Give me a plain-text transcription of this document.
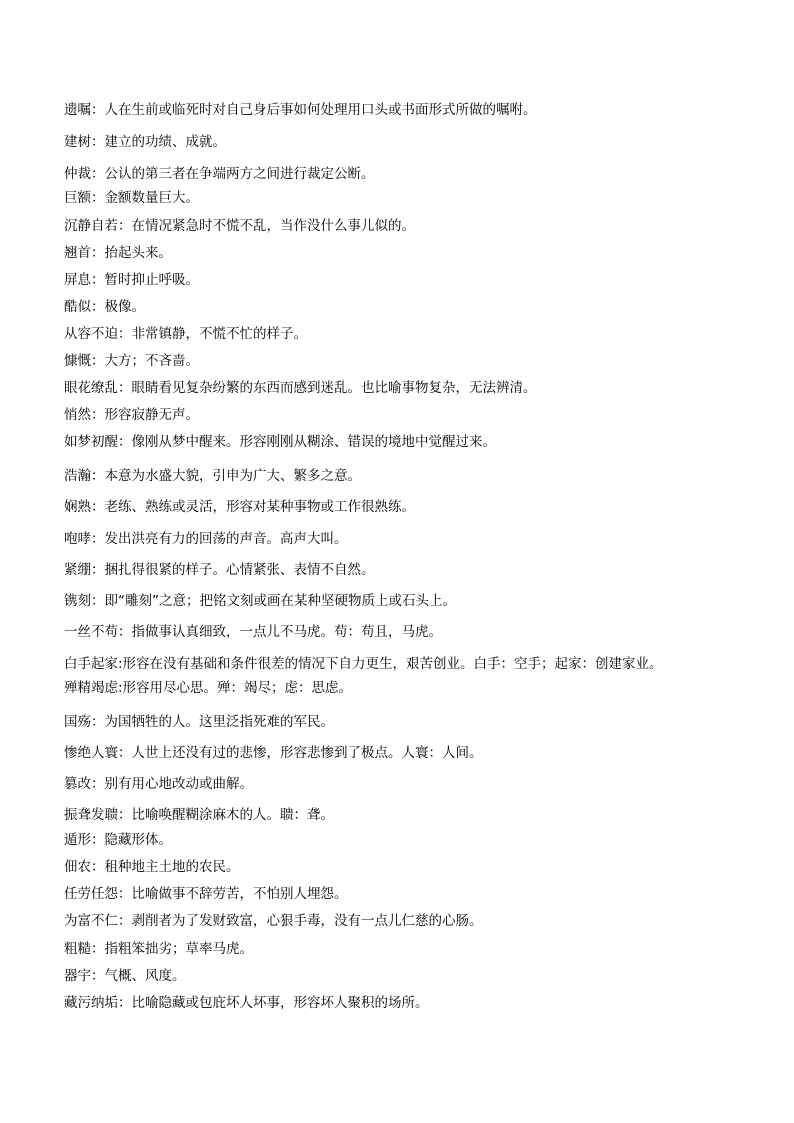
遗嘱：人在生前或临死时对自己身后事如何处理用口头或书面形式所做的嘱咐。
建树：建立的功绩、成就。
仲裁：公认的第三者在争端两方之间进行裁定公断。
巨额：金额数量巨大。
沉静自若：在情况紧急时不慌不乱，当作没什么事儿似的。
翘首：抬起头来。
屏息：暂时抑止呼吸。
酷似：极像。
从容不迫：非常镇静，不慌不忙的样子。
慷慨：大方；不吝啬。
眼花缭乱：眼睛看见复杂纷繁的东西而感到迷乱。也比喻事物复杂，无法辨清。
悄然：形容寂静无声。
如梦初醒：像刚从梦中醒来。形容刚刚从糊涂、错误的境地中觉醒过来。
浩瀚：本意为水盛大貌，引申为广大、繁多之意。
娴熟：老练、熟练或灵活，形容对某种事物或工作很熟练。
咆哮：发出洪亮有力的回荡的声音。高声大叫。
紧绷：捆扎得很紧的样子。心情紧张、表情不自然。
镌刻：即“雕刻”之意；把铭文刻或画在某种坚硬物质上或石头上。
一丝不苟：指做事认真细致，一点儿不马虎。苟：苟且，马虎。
白手起家:形容在没有基础和条件很差的情况下自力更生，艰苦创业。白手：空手；起家：创建家业。
殚精竭虑:形容用尽心思。殚：竭尽；虑：思虑。
国殇：为国牺牲的人。这里泛指死难的军民。
惨绝人寰：人世上还没有过的悲惨，形容悲惨到了极点。人寰：人间。
篡改：别有用心地改动或曲解。
振聋发聩：比喻唤醒糊涂麻木的人。聩：聋。
遁形：隐藏形体。
佃农：租种地主土地的农民。
任劳任怨：比喻做事不辞劳苦，不怕别人埋怨。
为富不仁：剥削者为了发财致富，心狠手毒，没有一点儿仁慈的心肠。
粗糙：指粗笨拙劣；草率马虎。
器宇：气概、风度。
藏污纳垢：比喻隐藏或包庇坏人坏事，形容坏人聚积的场所。
